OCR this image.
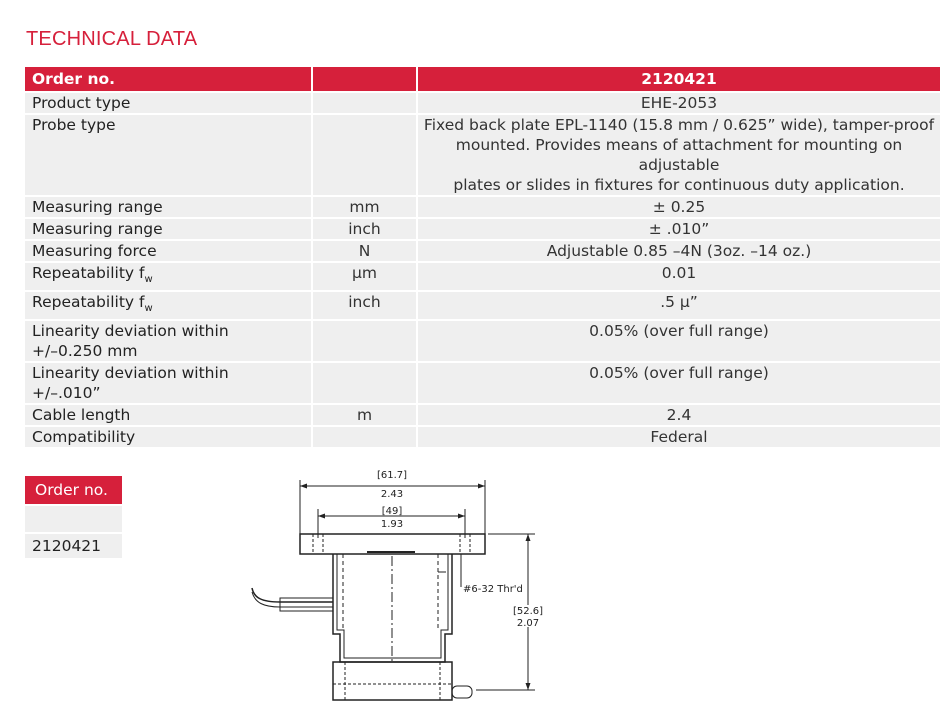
TECHNICAL DATA
Order no.		2120421
Product type		EHE-2053
Probe type		Fixed back plate EPL-1140 (15.8 mm / 0.625” wide), tamper-proof
mounted. Provides means of attachment for mounting on adjustable
plates or slides in fixtures for continuous duty application.

Measuring range	mm	± 0.25
Measuring range	inch	± .010”
Measuring force	N	Adjustable 0.85 –4N (3oz. –14 oz.)
Repeatability $f_w$	µm	0.01
Repeatability $f_w$	inch	.5 µ”

Linearity deviation within
+/–0.250 mm		0.05% (over full range)

Linearity deviation within
+/–.010”		0.05% (over full range)
Cable length	m	2.4
Compatibility		Federal
Order no.
2120421
[61.7]
2.43
[49]
1.93
#6-32 Thr'd
[52.6]
2.07
